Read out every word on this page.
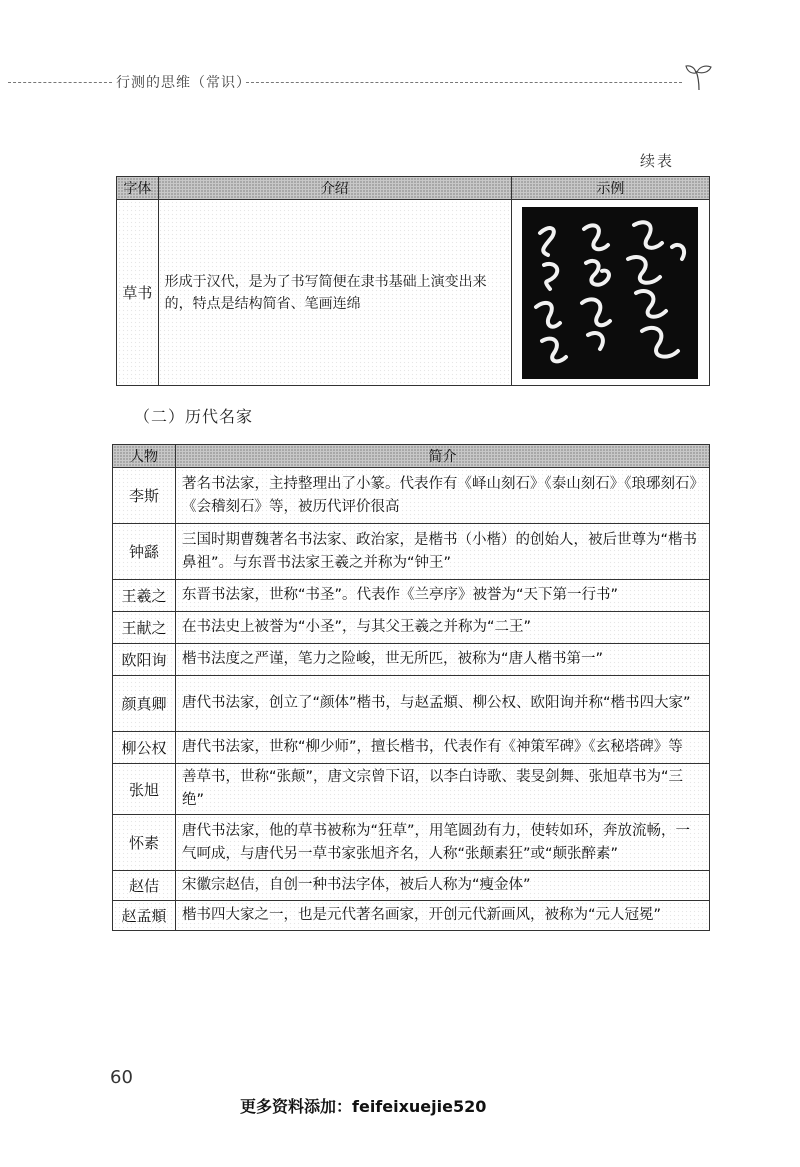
行测的思维（常识）
续表
字体	介绍	示例
草书	形成于汉代，是为了书写简便在隶书基础上演变出来的，特点是结构简省、笔画连绵	
（二）历代名家
人物	简介
李斯	著名书法家，主持整理出了小篆。代表作有《峄山刻石》《泰山刻石》《琅琊刻石》《会稽刻石》等，被历代评价很高
钟繇	三国时期曹魏著名书法家、政治家，是楷书（小楷）的创始人，被后世尊为“楷书鼻祖”。与东晋书法家王羲之并称为“钟王”
王羲之	东晋书法家，世称“书圣”。代表作《兰亭序》被誉为“天下第一行书”
王献之	在书法史上被誉为“小圣”，与其父王羲之并称为“二王”
欧阳询	楷书法度之严谨，笔力之险峻，世无所匹，被称为“唐人楷书第一”
颜真卿	唐代书法家，创立了“颜体”楷书，与赵孟頫、柳公权、欧阳询并称“楷书四大家”
柳公权	唐代书法家，世称“柳少师”，擅长楷书，代表作有《神策军碑》《玄秘塔碑》等
张旭	善草书，世称“张颠”，唐文宗曾下诏，以李白诗歌、裴旻剑舞、张旭草书为“三绝”
怀素	唐代书法家，他的草书被称为“狂草”，用笔圆劲有力，使转如环，奔放流畅，一气呵成，与唐代另一草书家张旭齐名，人称“张颠素狂”或“颠张醉素”
赵佶	宋徽宗赵佶，自创一种书法字体，被后人称为“瘦金体”
赵孟頫	楷书四大家之一，也是元代著名画家，开创元代新画风，被称为“元人冠冕”
60
更多资料添加：feifeixuejie520
